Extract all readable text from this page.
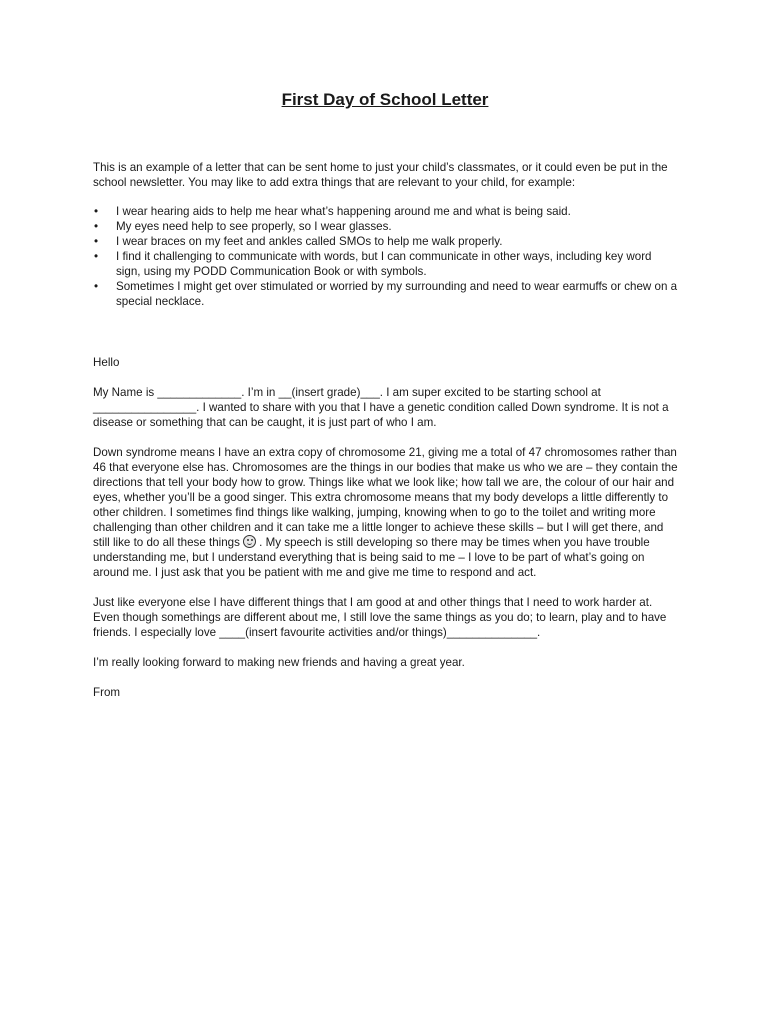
First Day of School Letter

This is an example of a letter that can be sent home to just your child’s classmates, or it could even be put in the school newsletter. You may like to add extra things that are relevant to your child, for example:

• I wear hearing aids to help me hear what’s happening around me and what is being said.
• My eyes need help to see properly, so I wear glasses.
• I wear braces on my feet and ankles called SMOs to help me walk properly.
• I find it challenging to communicate with words, but I can communicate in other ways, including key word sign, using my PODD Communication Book or with symbols.
• Sometimes I might get over stimulated or worried by my surrounding and need to wear earmuffs or chew on a special necklace.

Hello

My Name is _____________. I’m in __(insert grade)___. I am super excited to be starting school at ________________. I wanted to share with you that I have a genetic condition called Down syndrome. It is not a disease or something that can be caught, it is just part of who I am.

Down syndrome means I have an extra copy of chromosome 21, giving me a total of 47 chromosomes rather than 46 that everyone else has. Chromosomes are the things in our bodies that make us who we are – they contain the directions that tell your body how to grow. Things like what we look like; how tall we are, the colour of our hair and eyes, whether you’ll be a good singer. This extra chromosome means that my body develops a little differently to other children. I sometimes find things like walking, jumping, knowing when to go to the toilet and writing more challenging than other children and it can take me a little longer to achieve these skills – but I will get there, and still like to do all these things . My speech is still developing so there may be times when you have trouble understanding me, but I understand everything that is being said to me – I love to be part of what’s going on around me. I just ask that you be patient with me and give me time to respond and act.

Just like everyone else I have different things that I am good at and other things that I need to work harder at. Even though somethings are different about me, I still love the same things as you do; to learn, play and to have friends. I especially love ____(insert favourite activities and/or things)______________.

I’m really looking forward to making new friends and having a great year.

From
